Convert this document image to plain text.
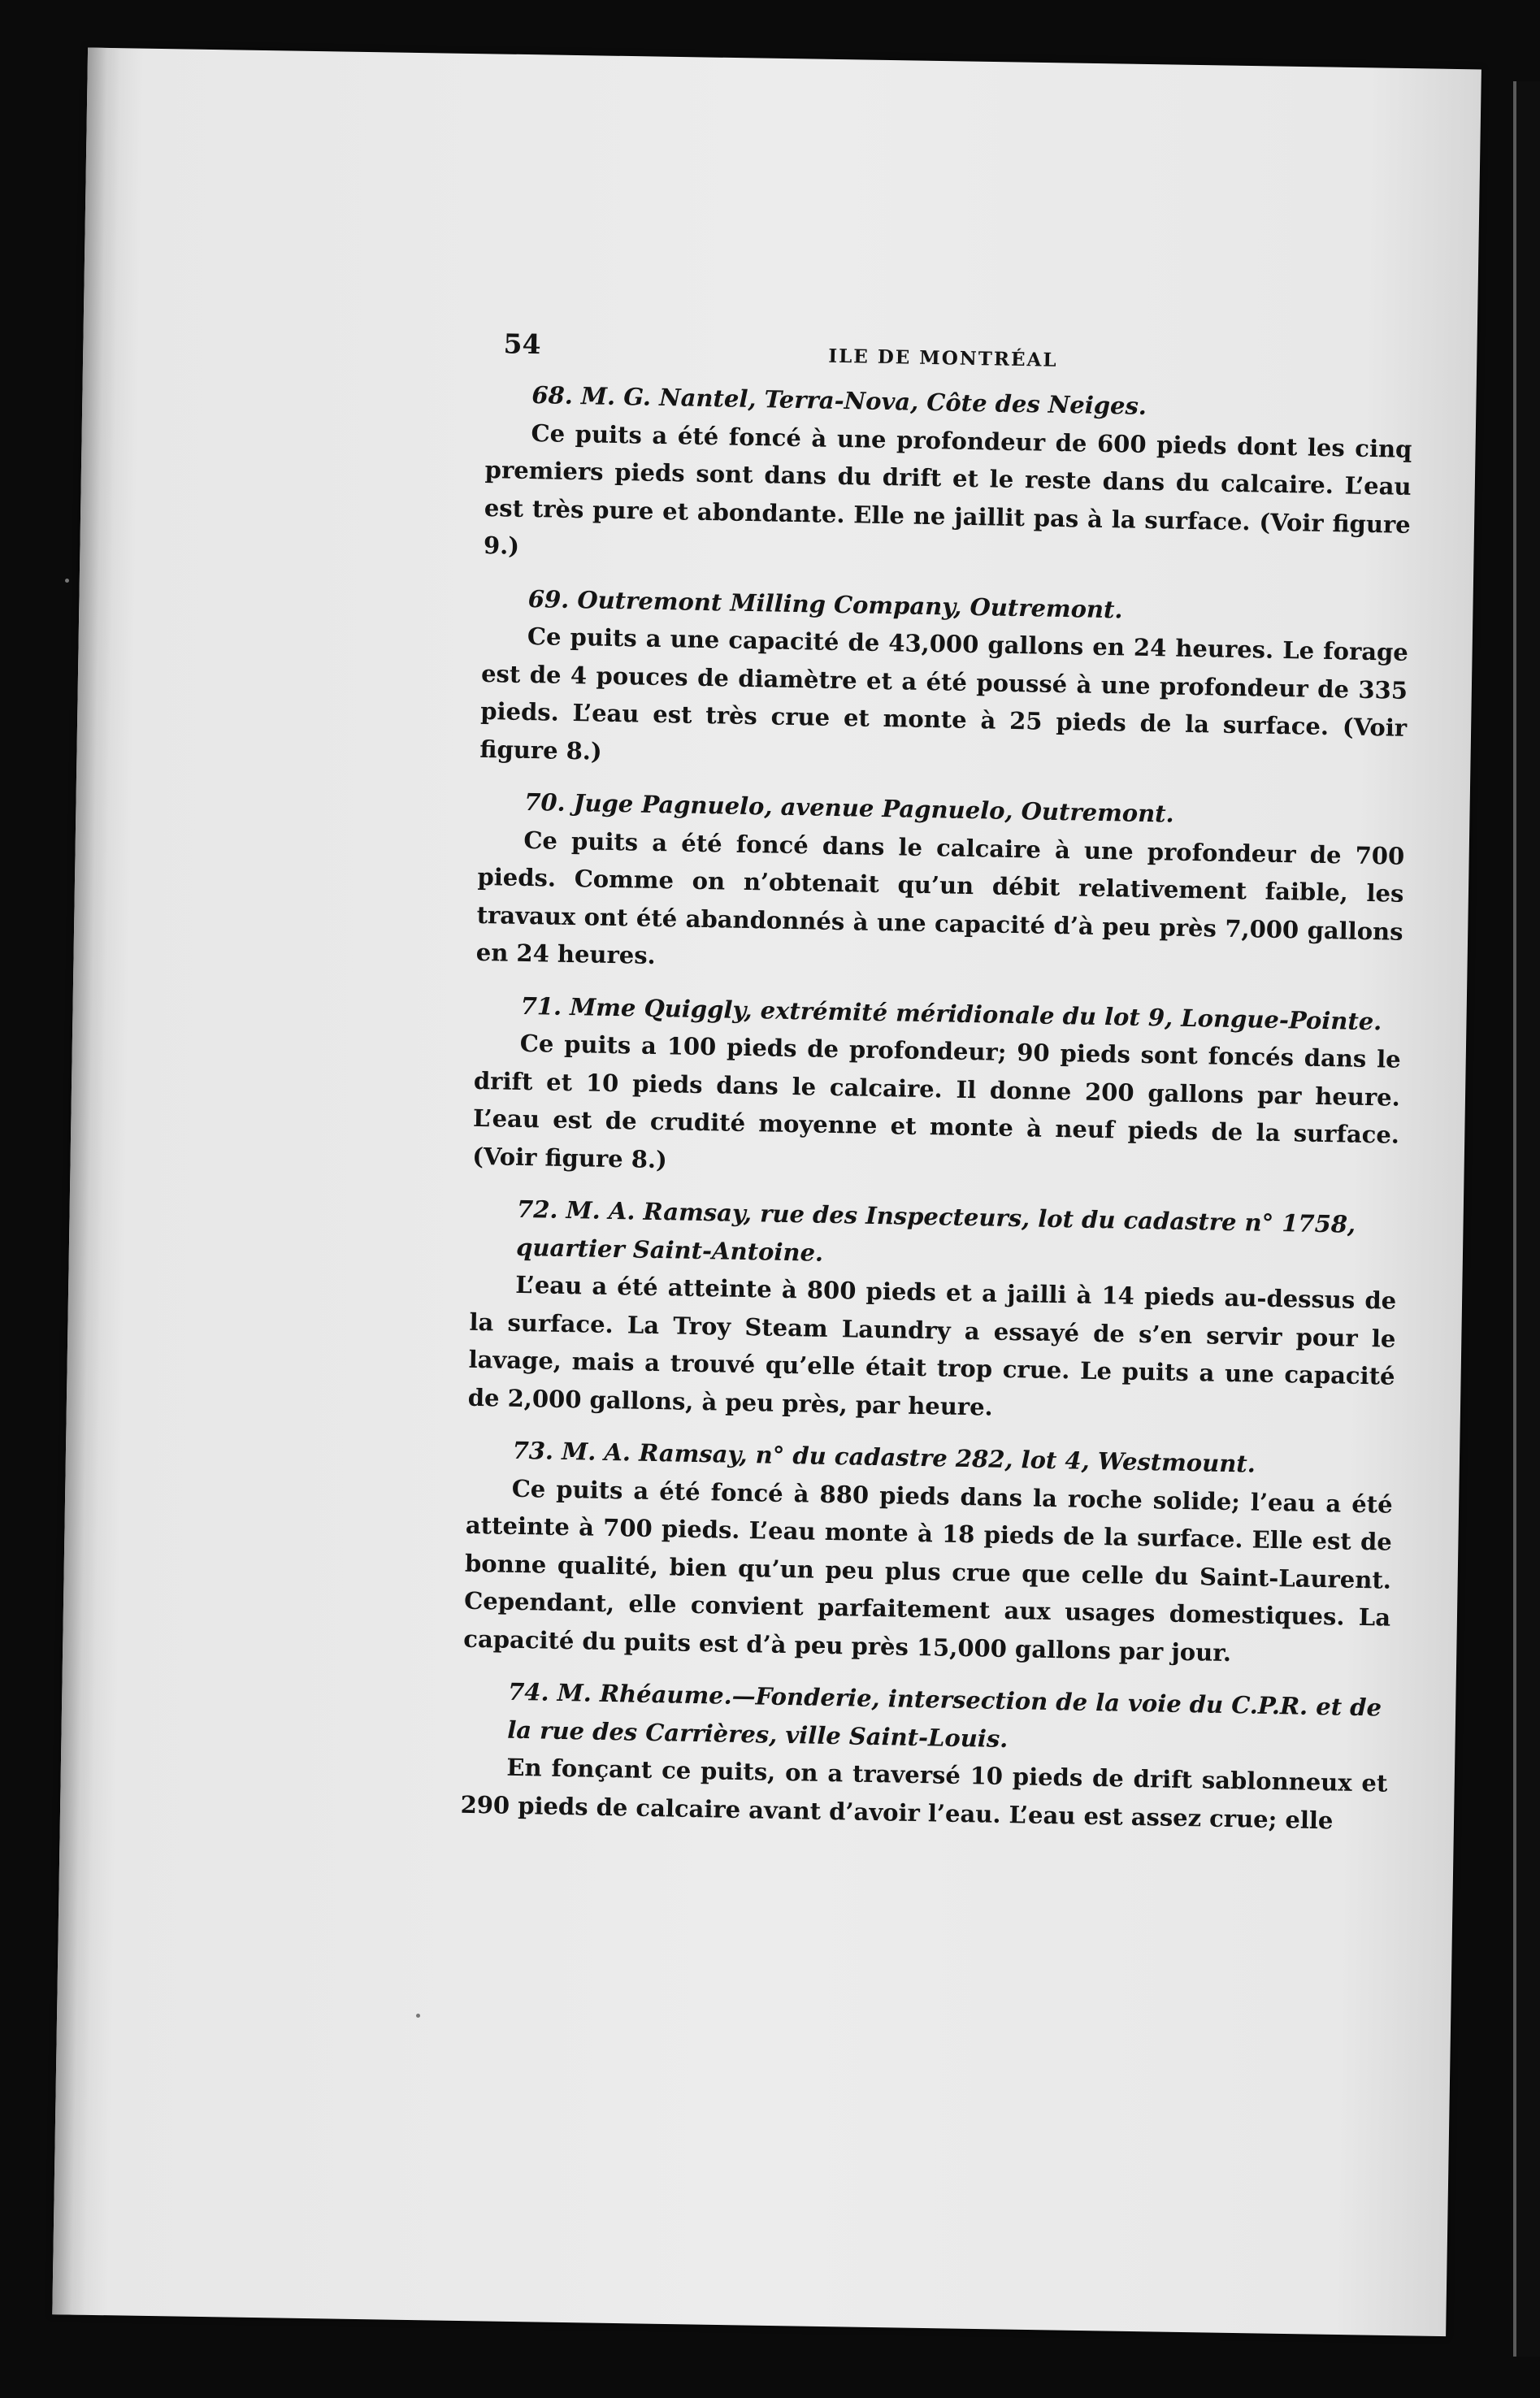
54	ILE DE MONTRÉAL

68. M. G. Nantel, Terra-Nova, Côte des Neiges.

Ce puits a été foncé à une profondeur de 600 pieds dont les cinq premiers pieds sont dans du drift et le reste dans du calcaire. L’eau est très pure et abondante. Elle ne jaillit pas à la surface. (Voir figure 9.)

69. Outremont Milling Company, Outremont.

Ce puits a une capacité de 43,000 gallons en 24 heures. Le forage est de 4 pouces de diamètre et a été poussé à une profondeur de 335 pieds. L’eau est très crue et monte à 25 pieds de la surface. (Voir figure 8.)

70. Juge Pagnuelo, avenue Pagnuelo, Outremont.

Ce puits a été foncé dans le calcaire à une profondeur de 700 pieds. Comme on n’obtenait qu’un débit relativement faible, les travaux ont été abandonnés à une capacité d’à peu près 7,000 gallons en 24 heures.

71. Mme Quiggly, extrémité méridionale du lot 9, Longue-Pointe.

Ce puits a 100 pieds de profondeur; 90 pieds sont foncés dans le drift et 10 pieds dans le calcaire. Il donne 200 gallons par heure. L’eau est de crudité moyenne et monte à neuf pieds de la surface. (Voir figure 8.)

72. M. A. Ramsay, rue des Inspecteurs, lot du cadastre n° 1758, quartier Saint-Antoine.

L’eau a été atteinte à 800 pieds et a jailli à 14 pieds au-dessus de la surface. La Troy Steam Laundry a essayé de s’en servir pour le lavage, mais a trouvé qu’elle était trop crue. Le puits a une capacité de 2,000 gallons, à peu près, par heure.

73. M. A. Ramsay, n° du cadastre 282, lot 4, Westmount.

Ce puits a été foncé à 880 pieds dans la roche solide; l’eau a été atteinte à 700 pieds. L’eau monte à 18 pieds de la surface. Elle est de bonne qualité, bien qu’un peu plus crue que celle du Saint-Laurent. Cependant, elle convient parfaitement aux usages domestiques. La capacité du puits est d’à peu près 15,000 gallons par jour.

74. M. Rhéaume.—Fonderie, intersection de la voie du C.P.R. et de la rue des Carrières, ville Saint-Louis.

En fonçant ce puits, on a traversé 10 pieds de drift sablonneux et 290 pieds de calcaire avant d’avoir l’eau. L’eau est assez crue; elle
